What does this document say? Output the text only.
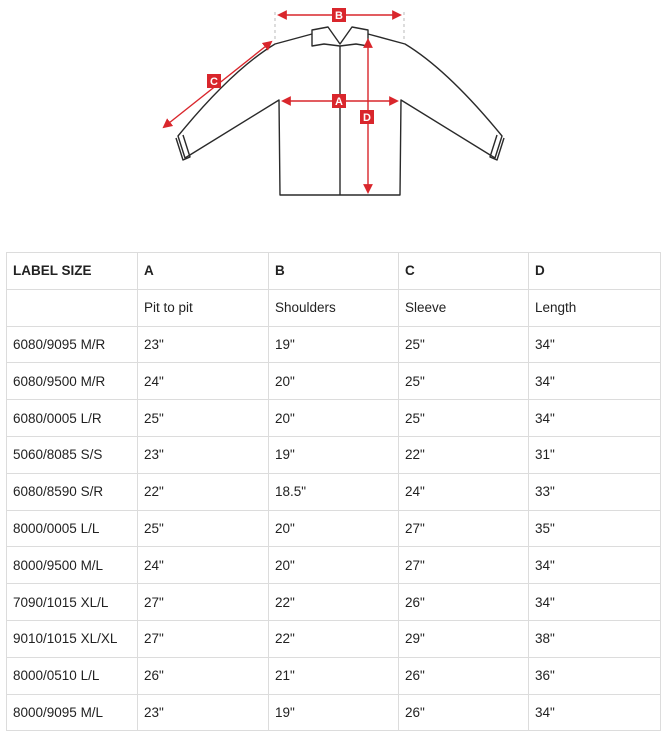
A
B
C
D
LABEL SIZE	A	B	C	D
	Pit to pit	Shoulders	Sleeve	Length
6080/9095 M/R	23"	19"	25"	34"
6080/9500 M/R	24"	20"	25"	34"
6080/0005 L/R	25"	20"	25"	34"
5060/8085 S/S	23"	19"	22"	31"
6080/8590 S/R	22"	18.5"	24"	33"
8000/0005 L/L	25"	20"	27"	35"
8000/9500 M/L	24"	20"	27"	34"
7090/1015 XL/L	27"	22"	26"	34"
9010/1015 XL/XL	27"	22"	29"	38"
8000/0510 L/L	26"	21"	26"	36"
8000/9095 M/L	23"	19"	26"	34"
